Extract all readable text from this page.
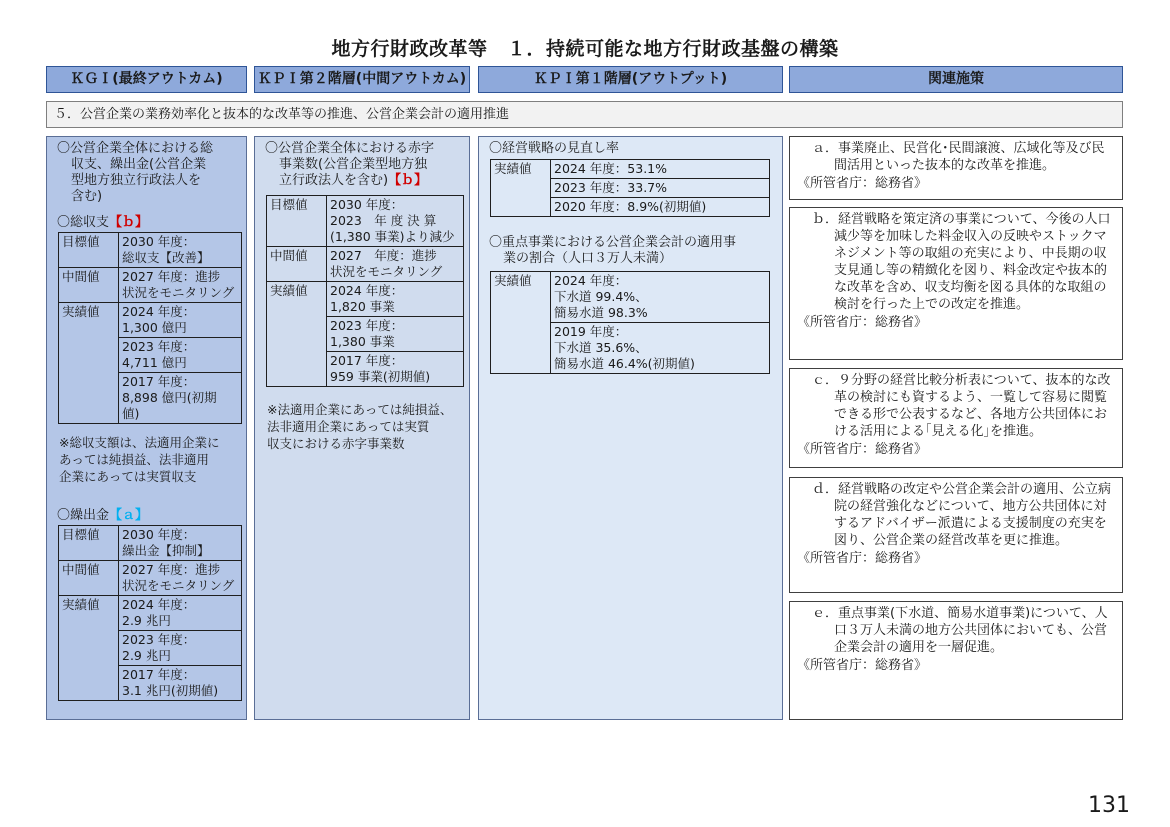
地方行財政改革等　１．持続可能な地方行財政基盤の構築
ＫＧＩ(最終アウトカム)	ＫＰＩ第２階層(中間アウトカム)	ＫＰＩ第１階層(アウトプット)	関連施策
５．公営企業の業務効率化と抜本的な改革等の推進、公営企業会計の適用推進
〇公営企業全体における総
収支、繰出金(公営企業
型地方独立行政法人を
含む)
〇総収支【ｂ】
目標値	2030 年度：
総収支【改善】
中間値	2027 年度：進捗
状況をモニタリング
実績値	2024 年度：
1,300 億円
	2023 年度：
4,711 億円
	2017 年度：
8,898 億円(初期
値)
※総収支額は、法適用企業に
あっては純損益、法非適用
企業にあっては実質収支
〇繰出金【ａ】
目標値	2030 年度：
繰出金【抑制】
中間値	2027 年度：進捗
状況をモニタリング
実績値	2024 年度：
2.9 兆円
	2023 年度：
2.9 兆円
	2017 年度：
3.1 兆円(初期値)
〇公営企業全体における赤字
事業数(公営企業型地方独
立行政法人を含む)【ｂ】
目標値	2030 年度：
2023　年 度 決 算
(1,380 事業)より減少
中間値	2027　年度：進捗
状況をモニタリング
実績値	2024 年度：
1,820 事業
	2023 年度：
1,380 事業
	2017 年度：
959 事業(初期値)
※法適用企業にあっては純損益、
法非適用企業にあっては実質
収支における赤字事業数
〇経営戦略の見直し率
実績値	2024 年度：53.1%
2023 年度：33.7%
2020 年度：8.9%(初期値)
〇重点事業における公営企業会計の適用事
業の割合（人口３万人未満）
実績値	2024 年度：
下水道 99.4%、
簡易水道 98.3%
2019 年度：
下水道 35.6%、
簡易水道 46.4%(初期値)
ａ．事業廃止、民営化･民間譲渡、広域化等及び民間活用といった抜本的な改革を推進。
《所管省庁：総務省》
ｂ．経営戦略を策定済の事業について、今後の人口減少等を加味した料金収入の反映やストックマネジメント等の取組の充実により、中長期の収支見通し等の精緻化を図り、料金改定や抜本的な改革を含め、収支均衡を図る具体的な取組の検討を行った上での改定を推進。
《所管省庁：総務省》
ｃ．９分野の経営比較分析表について、抜本的な改革の検討にも資するよう、一覧して容易に閲覧できる形で公表するなど、各地方公共団体における活用による｢見える化｣を推進。
《所管省庁：総務省》
ｄ．経営戦略の改定や公営企業会計の適用、公立病院の経営強化などについて、地方公共団体に対するアドバイザー派遣による支援制度の充実を図り、公営企業の経営改革を更に推進。
《所管省庁：総務省》
ｅ．重点事業(下水道、簡易水道事業)について、人口３万人未満の地方公共団体においても、公営企業会計の適用を一層促進。
《所管省庁：総務省》
131
